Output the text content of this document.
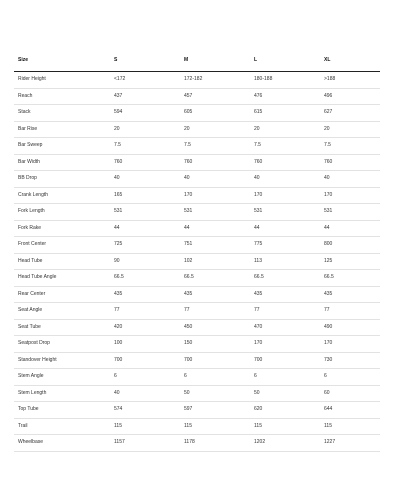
Size	S	M	L	XL
Rider Height	<172	172-182	180-188	>188
Reach	437	457	476	496
Stack	594	605	615	627
Bar Rise	20	20	20	20
Bar Sweep	7.5	7.5	7.5	7.5
Bar Width	760	760	760	760
BB Drop	40	40	40	40
Crank Length	165	170	170	170
Fork Length	531	531	531	531
Fork Rake	44	44	44	44
Front Center	725	751	775	800
Head Tube	90	102	113	125
Head Tube Angle	66.5	66.5	66.5	66.5
Rear Center	435	435	435	435
Seat Angle	77	77	77	77
Seat Tube	420	450	470	490
Seatpost Drop	100	150	170	170
Standover Height	700	700	700	730
Stem Angle	6	6	6	6
Stem Length	40	50	50	60
Top Tube	574	597	620	644
Trail	115	115	115	115
Wheelbase	1157	1178	1202	1227
